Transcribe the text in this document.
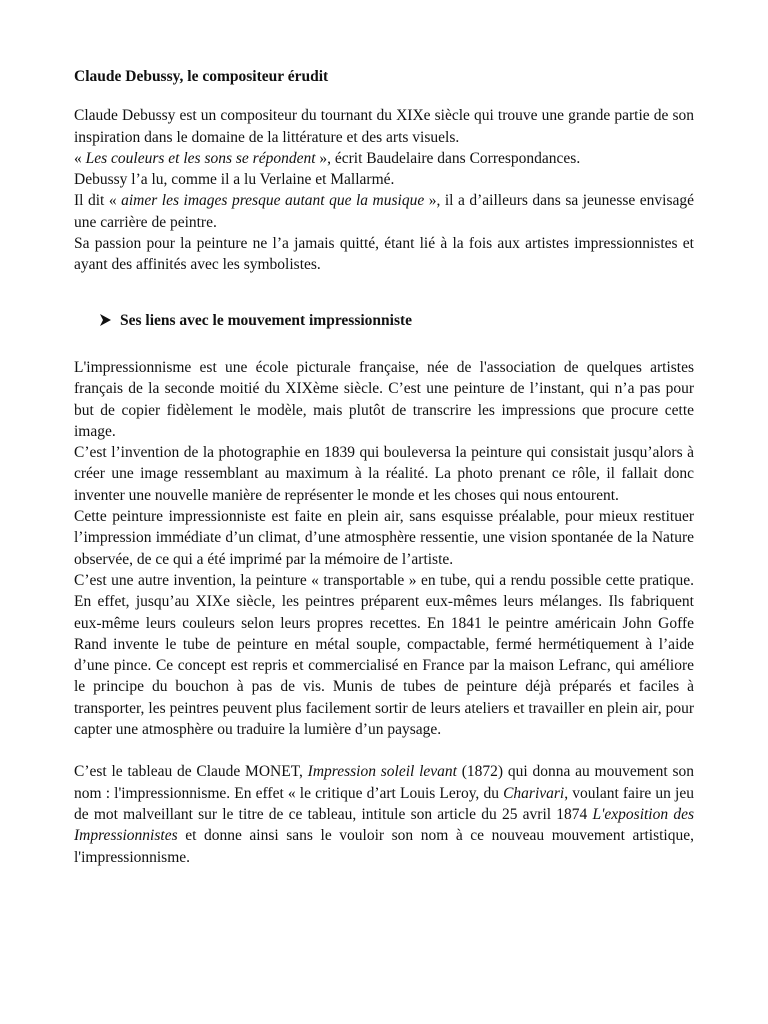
Claude Debussy, le compositeur érudit

Claude Debussy est un compositeur du tournant du XIXe siècle qui trouve une grande partie de son inspiration dans le domaine de la littérature et des arts visuels.

« Les couleurs et les sons se répondent », écrit Baudelaire dans Correspondances.

Debussy l’a lu, comme il a lu Verlaine et Mallarmé.

Il dit « aimer les images presque autant que la musique », il a d’ailleurs dans sa jeunesse envisagé une carrière de peintre.

Sa passion pour la peinture ne l’a jamais quitté, étant lié à la fois aux artistes impressionnistes et ayant des affinités avec les symbolistes.

Ses liens avec le mouvement impressionniste

L'impressionnisme est une école picturale française, née de l'association de quelques artistes français de la seconde moitié du XIXème siècle. C’est une peinture de l’instant, qui n’a pas pour but de copier fidèlement le modèle, mais plutôt de transcrire les impressions que procure cette image.

C’est l’invention de la photographie en 1839 qui bouleversa la peinture qui consistait jusqu’alors à créer une image ressemblant au maximum à la réalité. La photo prenant ce rôle, il fallait donc inventer une nouvelle manière de représenter le monde et les choses qui nous entourent.

Cette peinture impressionniste est faite en plein air, sans esquisse préalable, pour mieux restituer l’impression immédiate d’un climat, d’une atmosphère ressentie, une vision spontanée de la Nature observée, de ce qui a été imprimé par la mémoire de l’artiste.

C’est une autre invention, la peinture « transportable » en tube, qui a rendu possible cette pratique. En effet, jusqu’au XIXe siècle, les peintres préparent eux-mêmes leurs mélanges. Ils fabriquent eux-même leurs couleurs selon leurs propres recettes. En 1841 le peintre américain John Goffe Rand invente le tube de peinture en métal souple, compactable, fermé hermétiquement à l’aide d’une pince. Ce concept est repris et commercialisé en France par la maison Lefranc, qui améliore le principe du bouchon à pas de vis. Munis de tubes de peinture déjà préparés et faciles à transporter, les peintres peuvent plus facilement sortir de leurs ateliers et travailler en plein air, pour capter une atmosphère ou traduire la lumière d’un paysage.

C’est le tableau de Claude MONET, Impression soleil levant (1872) qui donna au mouvement son nom : l'impressionnisme. En effet « le critique d’art Louis Leroy, du Charivari, voulant faire un jeu de mot malveillant sur le titre de ce tableau, intitule son article du 25 avril 1874 L'exposition des Impressionnistes et donne ainsi sans le vouloir son nom à ce nouveau mouvement artistique, l'impressionnisme.
